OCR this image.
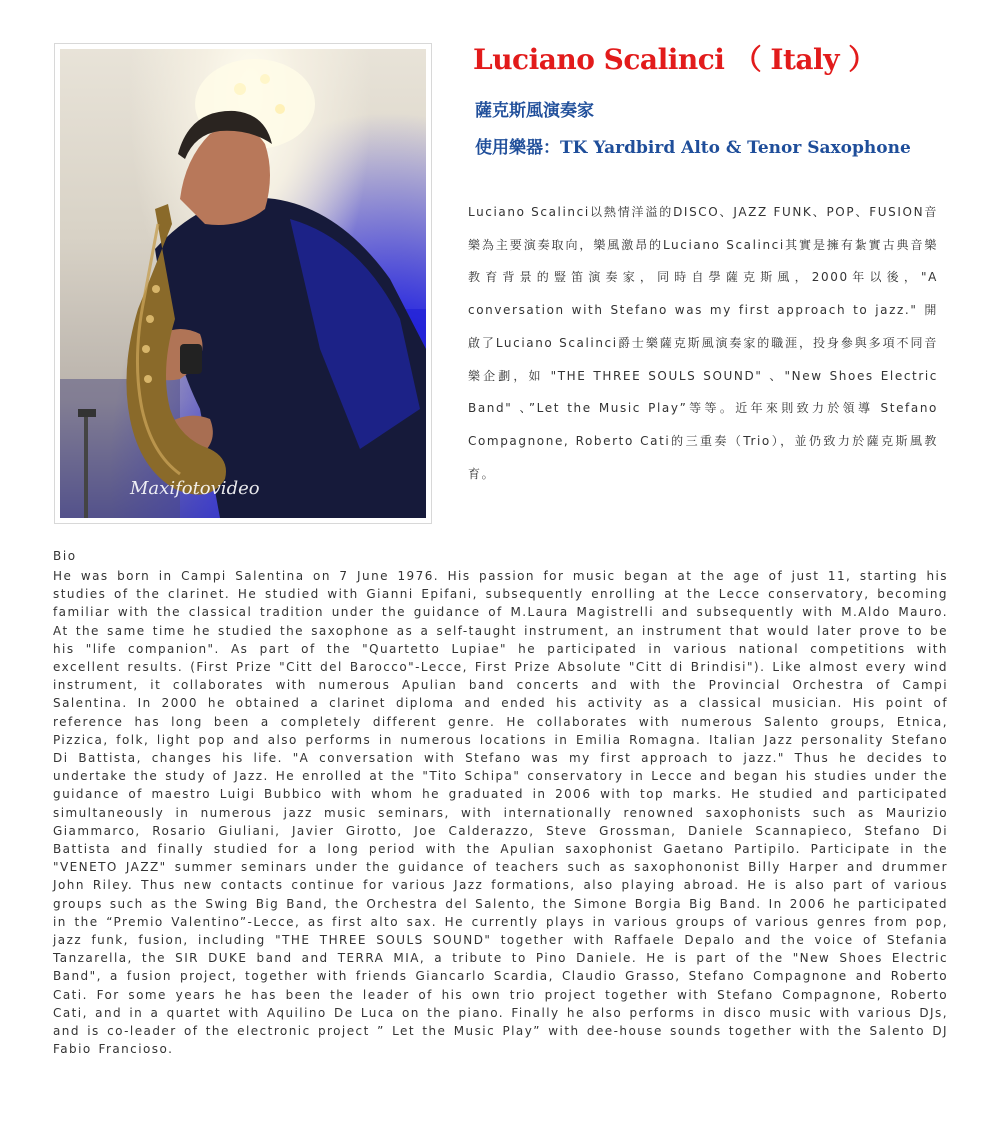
Maxifotovideo
Luciano Scalinci （ Italy ）
薩克斯風演奏家
使用樂器：TK Yardbird Alto & Tenor Saxophone

Luciano Scalinci以熱情洋溢的DISCO、JAZZ FUNK、POP、FUSION音樂為主要演奏取向，樂風激昂的Luciano Scalinci其實是擁有紮實古典音樂教育背景的豎笛演奏家，同時自學薩克斯風，2000年以後，"A conversation with Stefano was my first approach to jazz." 開啟了Luciano Scalinci爵士樂薩克斯風演奏家的職涯，投身參與多項不同音樂企劃，如 "THE THREE SOULS SOUND" 、"New Shoes Electric Band" 、”Let the Music Play”等等。近年來則致力於領導 Stefano Compagnone, Roberto Cati的三重奏（Trio），並仍致力於薩克斯風教育。

Bio

He was born in Campi Salentina on 7 June 1976. His passion for music began at the age of just 11, starting his studies of the clarinet. He studied with Gianni Epifani, subsequently enrolling at the Lecce conservatory, becoming familiar with the classical tradition under the guidance of M.Laura Magistrelli and subsequently with M.Aldo Mauro. At the same time he studied the saxophone as a self-taught instrument, an instrument that would later prove to be his "life companion". As part of the "Quartetto Lupiae" he participated in various national competitions with excellent results. (First Prize "Citt del Barocco"-Lecce, First Prize Absolute "Citt di Brindisi"). Like almost every wind instrument, it collaborates with numerous Apulian band concerts and with the Provincial Orchestra of Campi Salentina. In 2000 he obtained a clarinet diploma and ended his activity as a classical musician. His point of reference has long been a completely different genre. He collaborates with numerous Salento groups, Etnica, Pizzica, folk, light pop and also performs in numerous locations in Emilia Romagna. Italian Jazz personality Stefano Di Battista, changes his life. "A conversation with Stefano was my first approach to jazz." Thus he decides to undertake the study of Jazz. He enrolled at the "Tito Schipa" conservatory in Lecce and began his studies under the guidance of maestro Luigi Bubbico with whom he graduated in 2006 with top marks. He studied and participated simultaneously in numerous jazz music seminars, with internationally renowned saxophonists such as Maurizio Giammarco, Rosario Giuliani, Javier Girotto, Joe Calderazzo, Steve Grossman, Daniele Scannapieco, Stefano Di Battista and finally studied for a long period with the Apulian saxophonist Gaetano Partipilo. Participate in the "VENETO JAZZ" summer seminars under the guidance of teachers such as saxophononist Billy Harper and drummer John Riley. Thus new contacts continue for various Jazz formations, also playing abroad. He is also part of various groups such as the Swing Big Band, the Orchestra del Salento, the Simone Borgia Big Band. In 2006 he participated in the “Premio Valentino”-Lecce, as first alto sax. He currently plays in various groups of various genres from pop, jazz funk, fusion, including "THE THREE SOULS SOUND" together with Raffaele Depalo and the voice of Stefania Tanzarella, the SIR DUKE band and TERRA MIA, a tribute to Pino Daniele. He is part of the "New Shoes Electric Band", a fusion project, together with friends Giancarlo Scardia, Claudio Grasso, Stefano Compagnone and Roberto Cati. For some years he has been the leader of his own trio project together with Stefano Compagnone, Roberto Cati, and in a quartet with Aquilino De Luca on the piano. Finally he also performs in disco music with various DJs, and is co-leader of the electronic project ” Let the Music Play” with dee-house sounds together with the Salento DJ Fabio Francioso.
